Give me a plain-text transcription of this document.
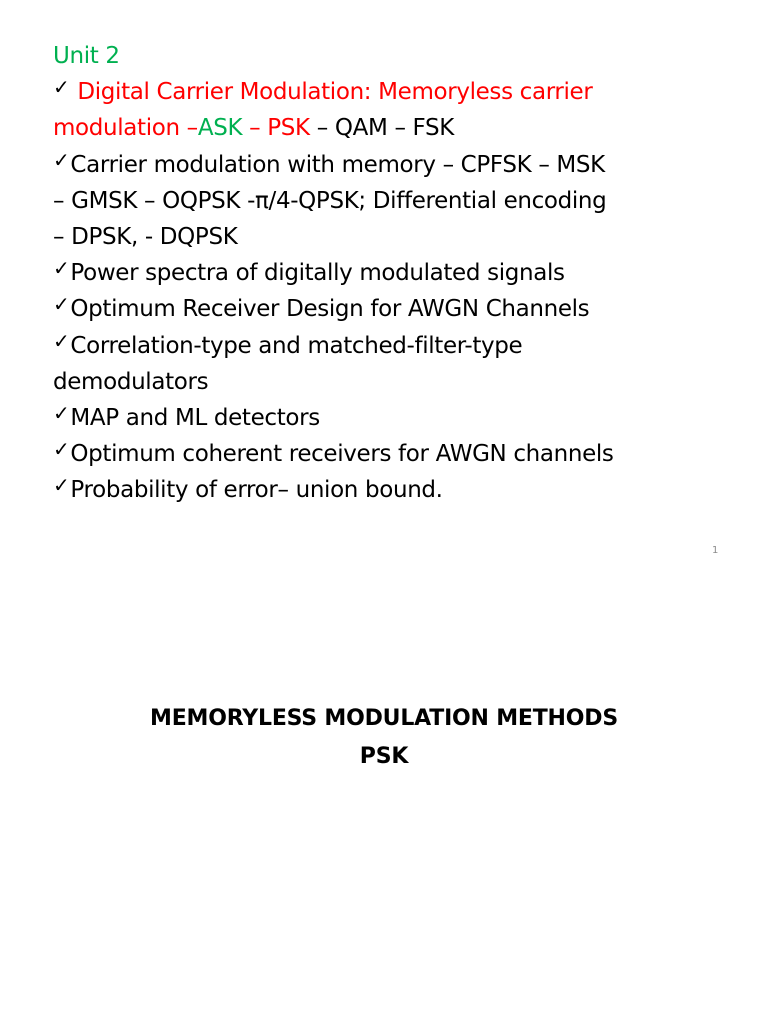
Unit 2
✓ Digital Carrier Modulation: Memoryless carrier
modulation –ASK – PSK – QAM – FSK
✓Carrier modulation with memory – CPFSK – MSK
– GMSK – OQPSK -π/4-QPSK; Differential encoding
– DPSK, - DQPSK
✓Power spectra of digitally modulated signals
✓Optimum Receiver Design for AWGN Channels
✓Correlation-type and matched-filter-type
demodulators
✓MAP and ML detectors
✓Optimum coherent receivers for AWGN channels
✓Probability of error– union bound.
1
MEMORYLESS MODULATION METHODS
PSK
